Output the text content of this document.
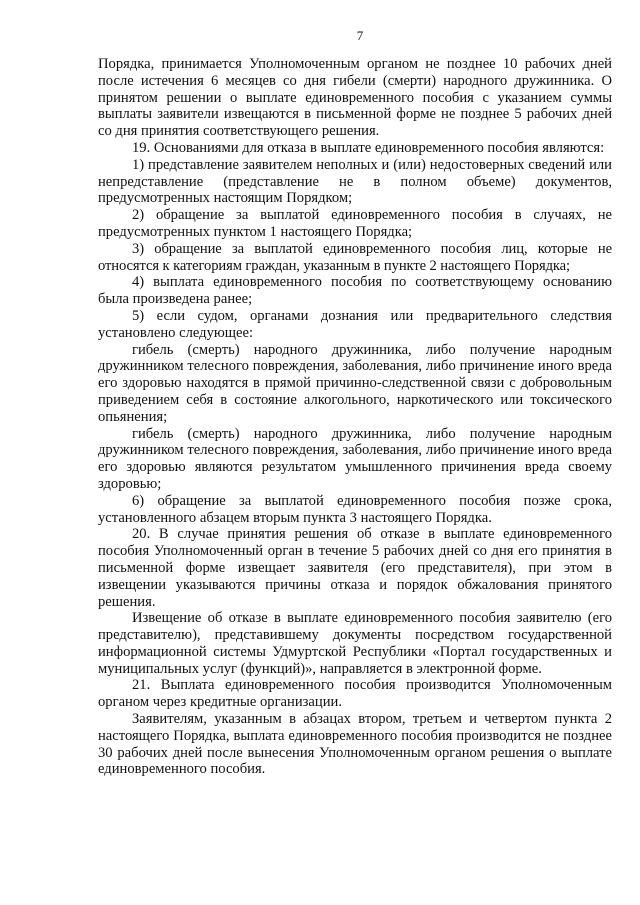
7

Порядка, принимается Уполномоченным органом не позднее 10 рабочих дней после истечения 6 месяцев со дня гибели (смерти) народного дружинника. О принятом решении о выплате единовременного пособия с указанием суммы выплаты заявители извещаются в письменной форме не позднее 5 рабочих дней со дня принятия соответствующего решения.

19. Основаниями для отказа в выплате единовременного пособия являются:

1) представление заявителем неполных и (или) недостоверных сведений или непредставление (представление не в полном объеме) документов, предусмотренных настоящим Порядком;

2) обращение за выплатой единовременного пособия в случаях, не предусмотренных пунктом 1 настоящего Порядка;

3) обращение за выплатой единовременного пособия лиц, которые не относятся к категориям граждан, указанным в пункте 2 настоящего Порядка;

4) выплата единовременного пособия по соответствующему основанию была произведена ранее;

5) если судом, органами дознания или предварительного следствия установлено следующее:

гибель (смерть) народного дружинника, либо получение народным дружинником телесного повреждения, заболевания, либо причинение иного вреда его здоровью находятся в прямой причинно-следственной связи с добровольным приведением себя в состояние алкогольного, наркотического или токсического опьянения;

гибель (смерть) народного дружинника, либо получение народным дружинником телесного повреждения, заболевания, либо причинение иного вреда его здоровью являются результатом умышленного причинения вреда своему здоровью;

6) обращение за выплатой единовременного пособия позже срока, установленного абзацем вторым пункта 3 настоящего Порядка.

20. В случае принятия решения об отказе в выплате единовременного пособия Уполномоченный орган в течение 5 рабочих дней со дня его принятия в письменной форме извещает заявителя (его представителя), при этом в извещении указываются причины отказа и порядок обжалования принятого решения.

Извещение об отказе в выплате единовременного пособия заявителю (его представителю), представившему документы посредством государственной информационной системы Удмуртской Республики «Портал государственных и муниципальных услуг (функций)», направляется в электронной форме.

21. Выплата единовременного пособия производится Уполномоченным органом через кредитные организации.

Заявителям, указанным в абзацах втором, третьем и четвертом пункта 2 настоящего Порядка, выплата единовременного пособия производится не позднее 30 рабочих дней после вынесения Уполномоченным органом решения о выплате единовременного пособия.
